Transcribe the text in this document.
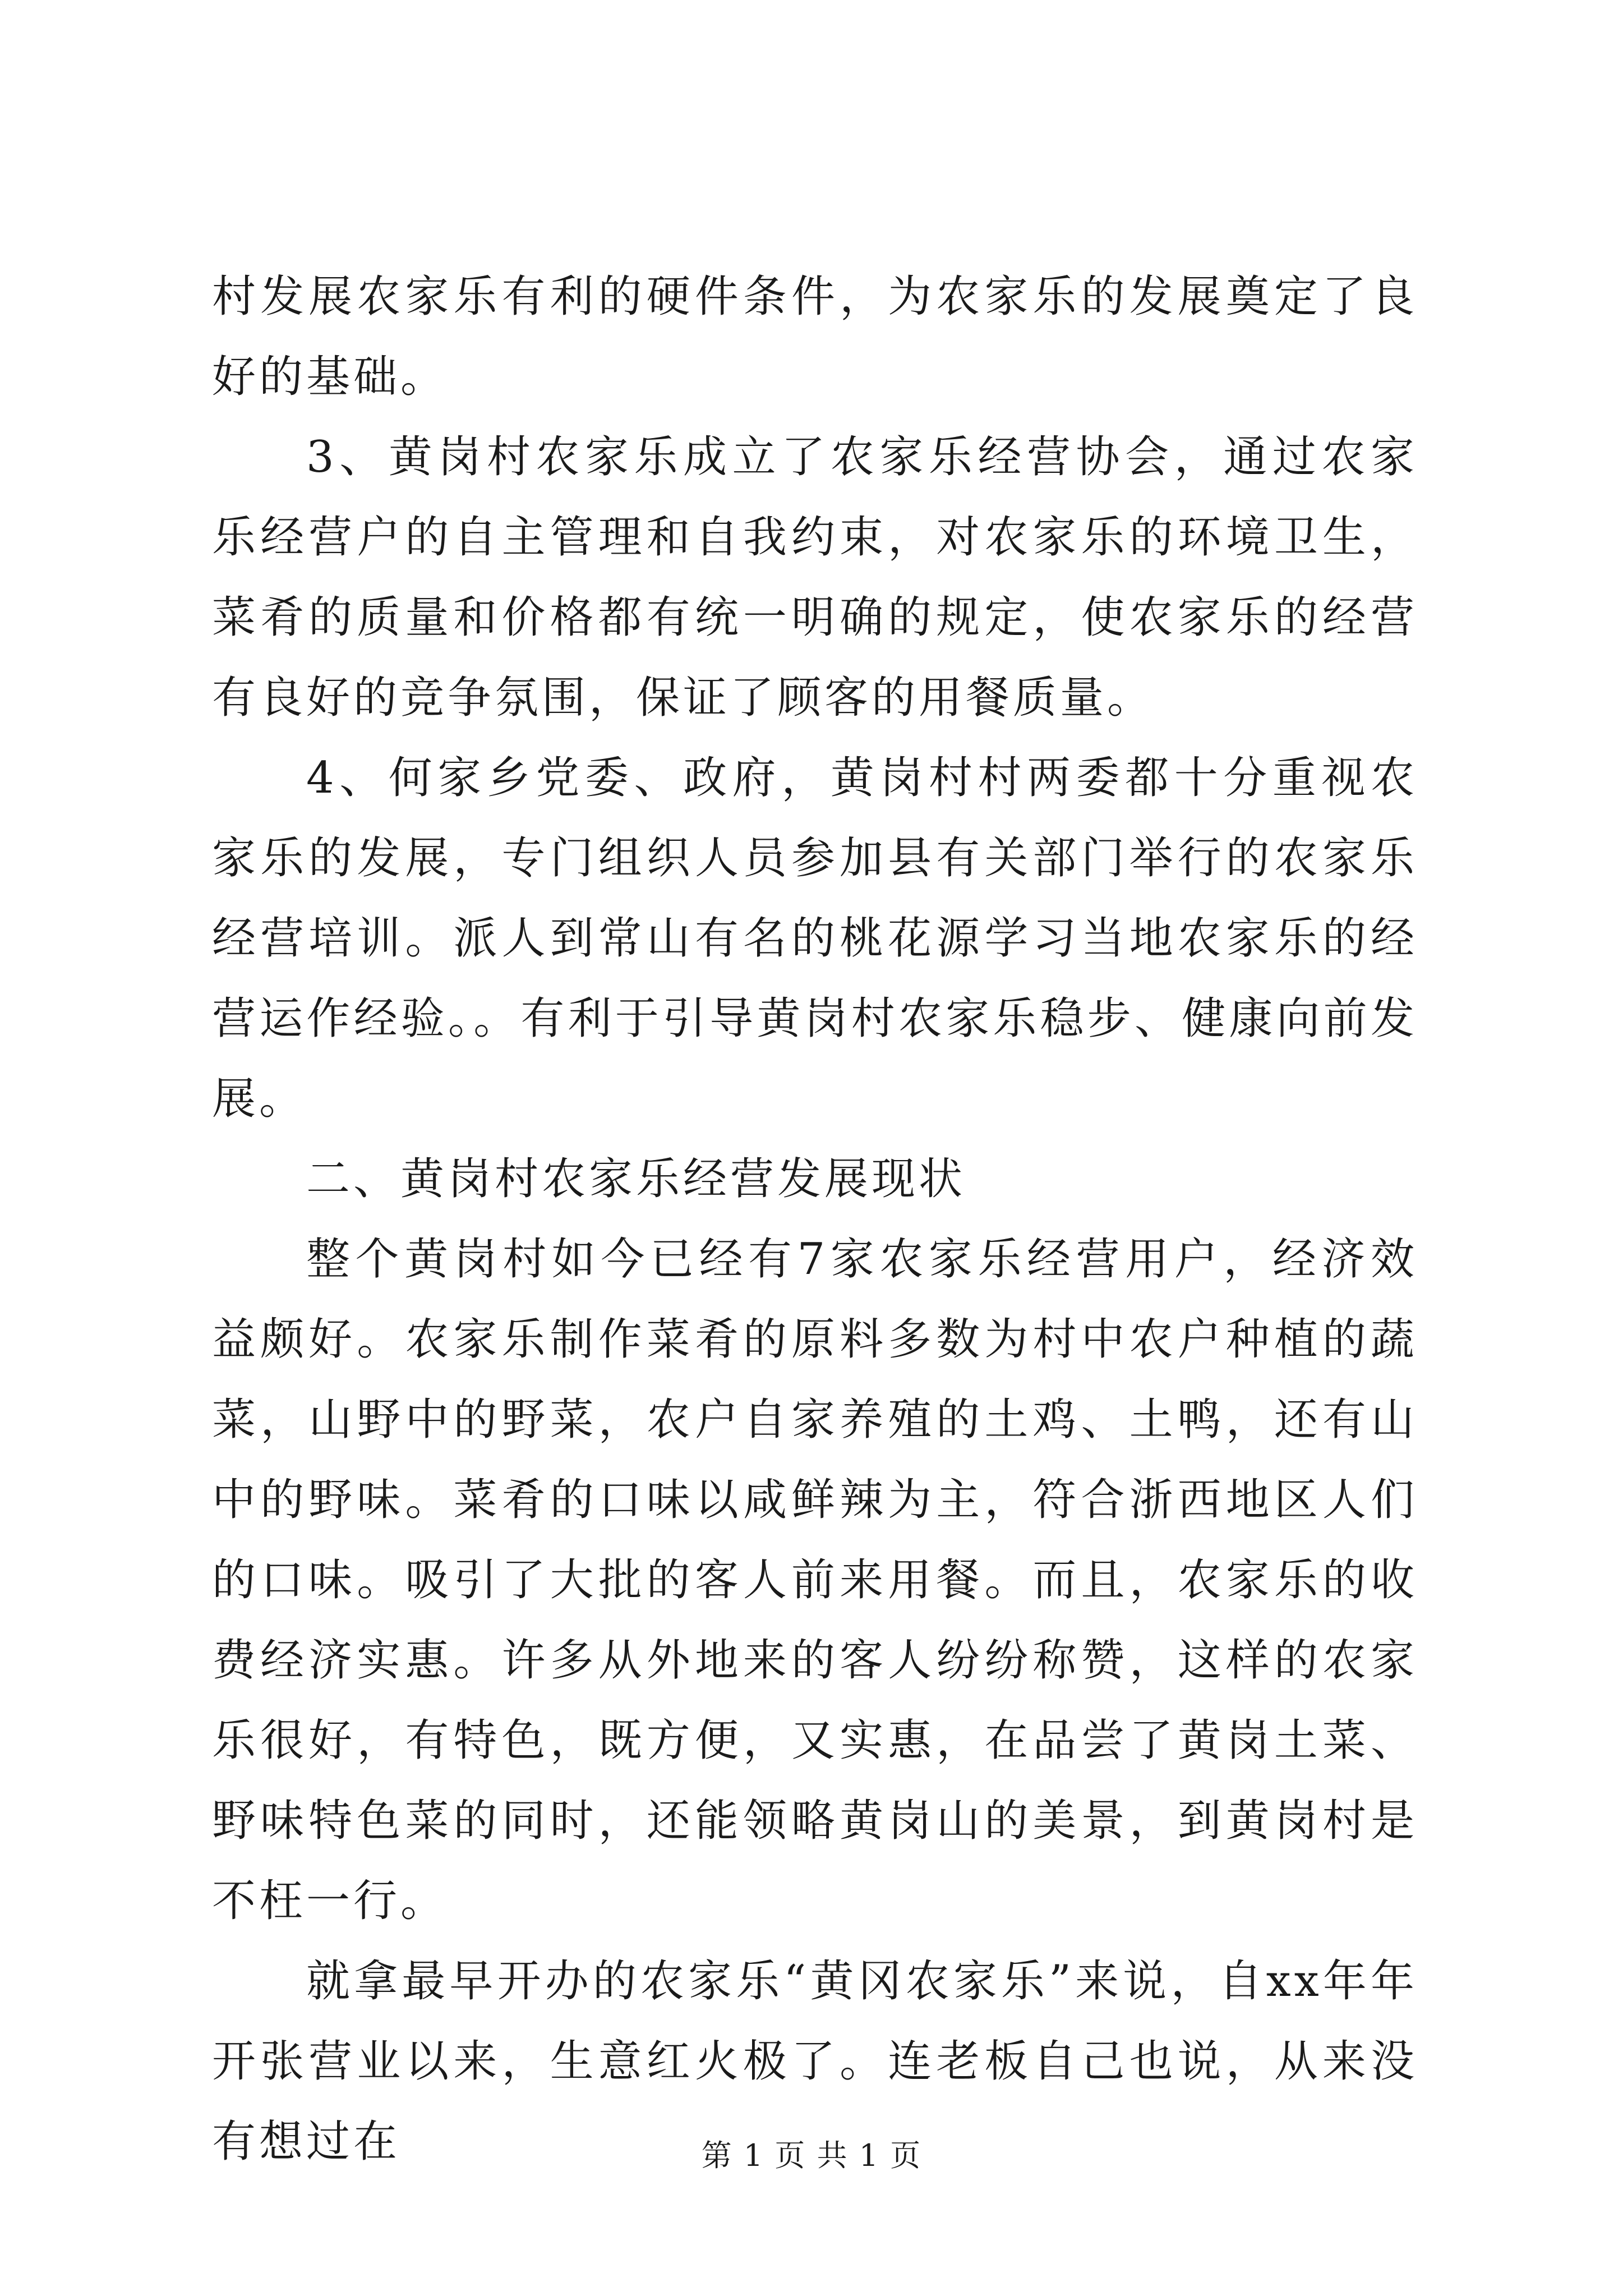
村发展农家乐有利的硬件条件，为农家乐的发展奠定了良好的基础。

3、黄岗村农家乐成立了农家乐经营协会，通过农家乐经营户的自主管理和自我约束，对农家乐的环境卫生，菜肴的质量和价格都有统一明确的规定，使农家乐的经营有良好的竞争氛围，保证了顾客的用餐质量。

4、何家乡党委、政府，黄岗村村两委都十分重视农家乐的发展，专门组织人员参加县有关部门举行的农家乐经营培训。派人到常山有名的桃花源学习当地农家乐的经营运作经验。。有利于引导黄岗村农家乐稳步、健康向前发展。

二、黄岗村农家乐经营发展现状

整个黄岗村如今已经有7家农家乐经营用户，经济效益颇好。农家乐制作菜肴的原料多数为村中农户种植的蔬菜，山野中的野菜，农户自家养殖的土鸡、土鸭，还有山中的野味。菜肴的口味以咸鲜辣为主，符合浙西地区人们的口味。吸引了大批的客人前来用餐。而且，农家乐的收费经济实惠。许多从外地来的客人纷纷称赞，这样的农家乐很好，有特色，既方便，又实惠，在品尝了黄岗土菜、野味特色菜的同时，还能领略黄岗山的美景，到黄岗村是不枉一行。

就拿最早开办的农家乐“黄冈农家乐”来说，自xx年年开张营业以来，生意红火极了。连老板自己也说，从来没有想过在	第 1 页 共 1 页
